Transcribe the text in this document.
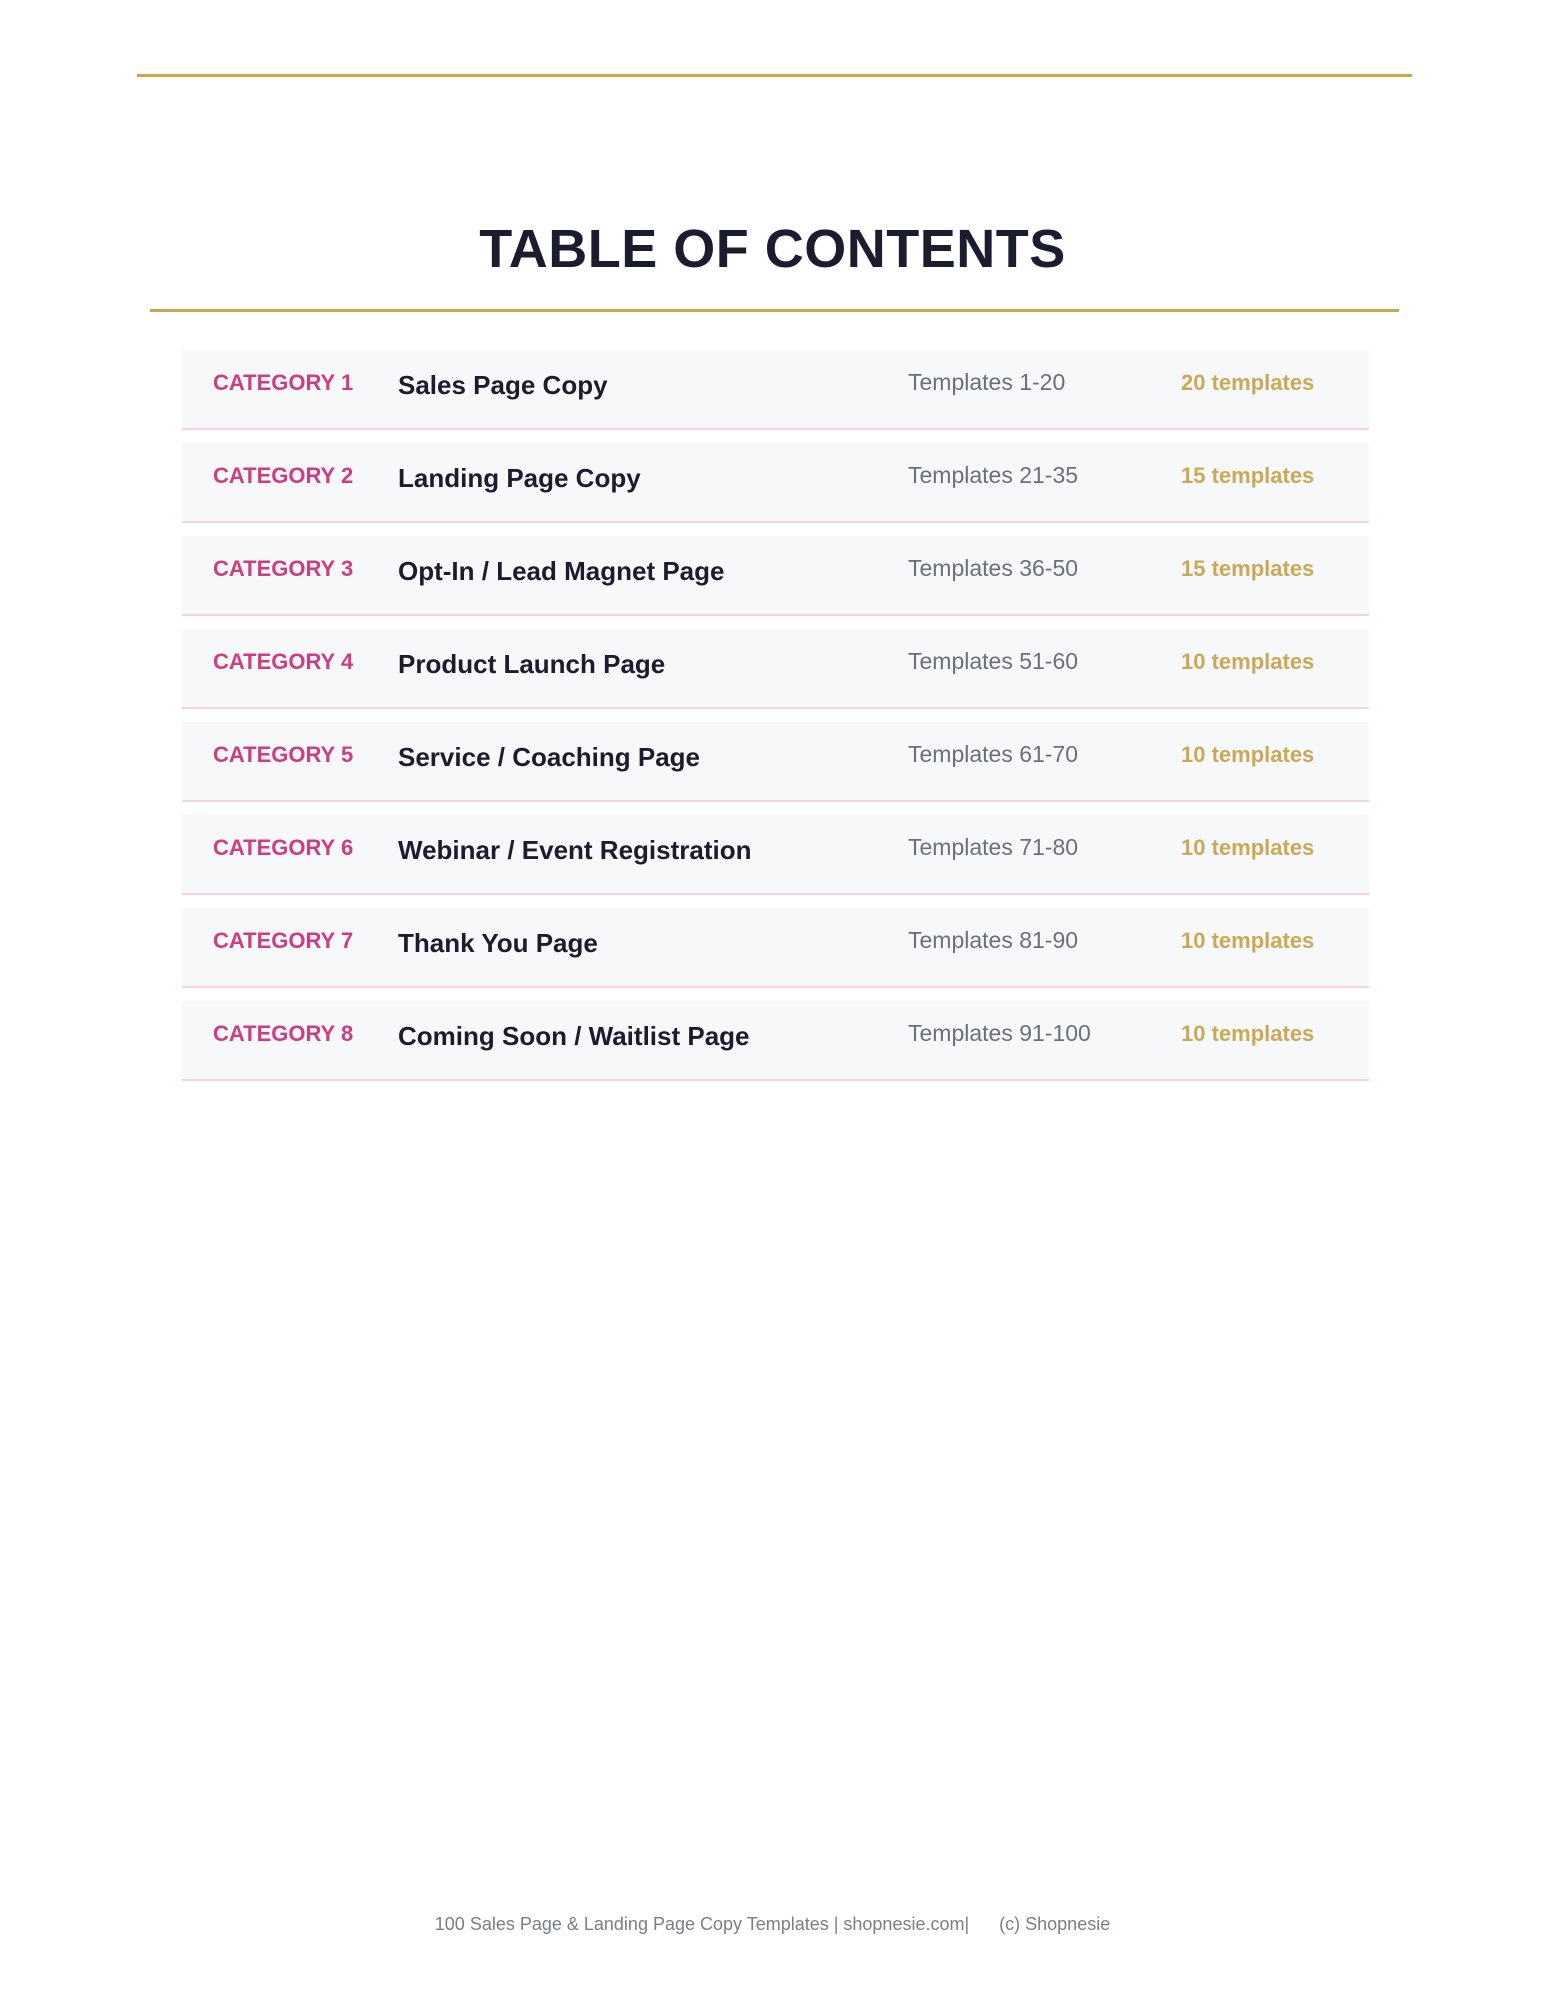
TABLE OF CONTENTS
CATEGORY 1 Sales Page Copy	Templates 1-20	20 templates
CATEGORY 2 Landing Page Copy	Templates 21-35	15 templates
CATEGORY 3 Opt-In / Lead Magnet Page	Templates 36-50	15 templates
CATEGORY 4 Product Launch Page	Templates 51-60	10 templates
CATEGORY 5 Service / Coaching Page	Templates 61-70	10 templates
CATEGORY 6 Webinar / Event Registration	Templates 71-80	10 templates
CATEGORY 7 Thank You Page	Templates 81-90	10 templates
CATEGORY 8 Coming Soon / Waitlist Page	Templates 91-100	10 templates
100 Sales Page & Landing Page Copy Templates | shopnesie.com|      (c) Shopnesie
